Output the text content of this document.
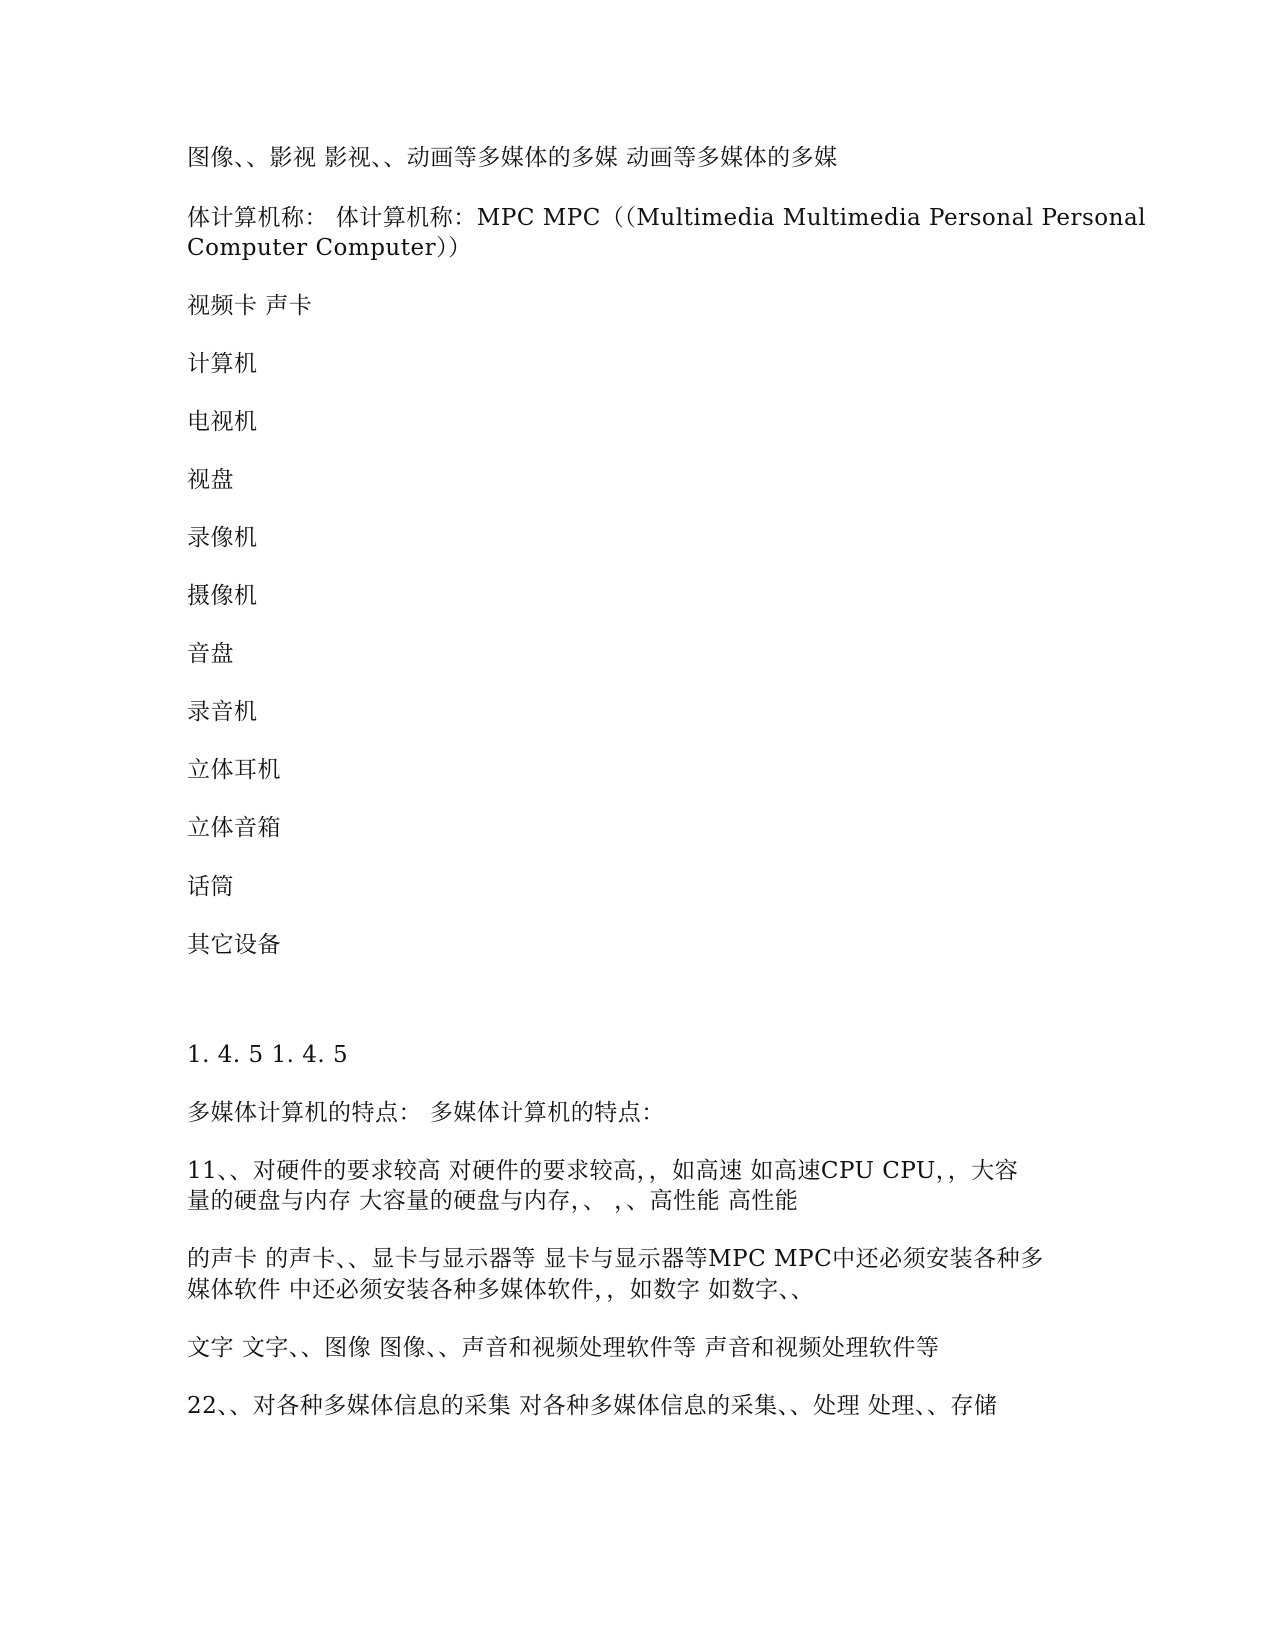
图像、、影视 影视、、动画等多媒体的多媒 动画等多媒体的多媒
体计算机称： 体计算机称：MPC MPC（（Multimedia Multimedia Personal Personal
Computer Computer））
视频卡 声卡
计算机
电视机
视盘
录像机
摄像机
音盘
录音机
立体耳机
立体音箱
话筒
其它设备
1. 4. 5 1. 4. 5
多媒体计算机的特点： 多媒体计算机的特点：
11、、对硬件的要求较高 对硬件的要求较高，，如高速 如高速CPU CPU，，大容
量的硬盘与内存 大容量的硬盘与内存，、 ，、高性能 高性能
的声卡 的声卡、、显卡与显示器等 显卡与显示器等MPC MPC中还必须安装各种多
媒体软件 中还必须安装各种多媒体软件，，如数字 如数字、、
文字 文字、、图像 图像、、声音和视频处理软件等 声音和视频处理软件等
22、、对各种多媒体信息的采集 对各种多媒体信息的采集、、处理 处理、、存储
